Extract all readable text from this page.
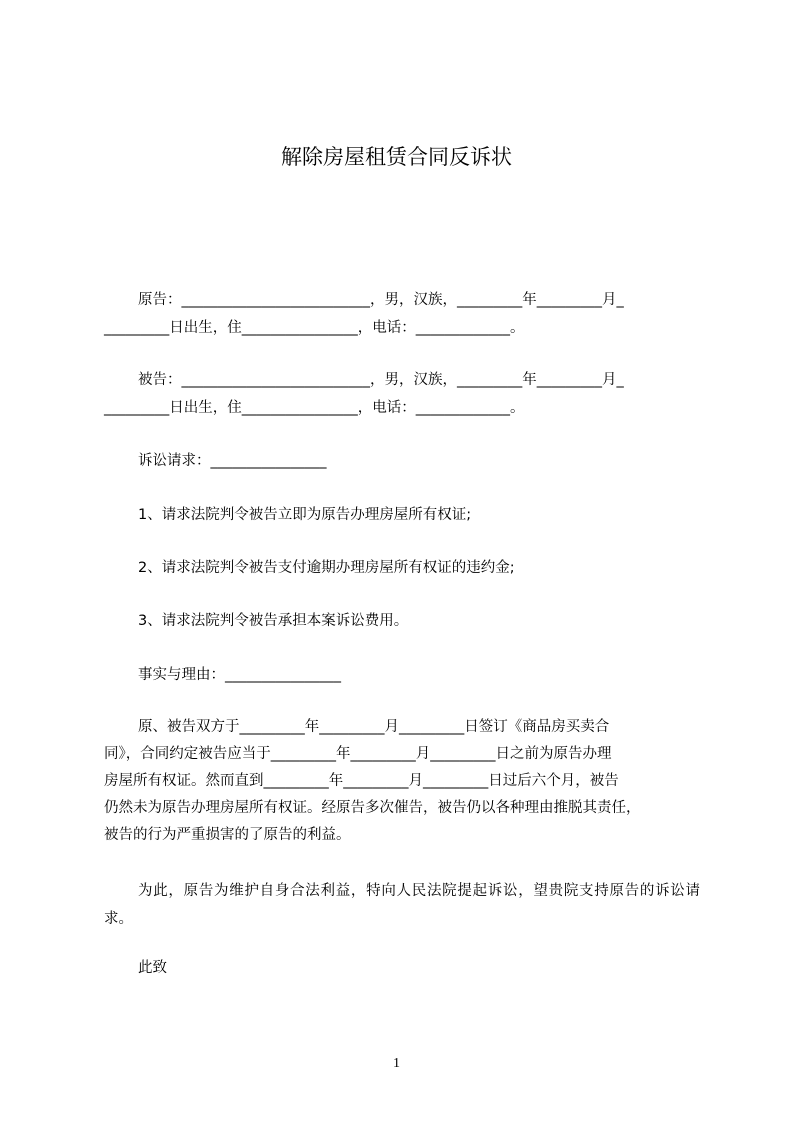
解除房屋租赁合同反诉状

原告：__________________________，男，汉族，_________年_________月_

_________日出生，住________________，电话：_____________。

被告：__________________________，男，汉族，_________年_________月_

_________日出生，住________________，电话：_____________。

诉讼请求：________________

1、请求法院判令被告立即为原告办理房屋所有权证;

2、请求法院判令被告支付逾期办理房屋所有权证的违约金;

3、请求法院判令被告承担本案诉讼费用。

事实与理由：________________

原、被告双方于_________年_________月_________日签订《商品房买卖合

同》，合同约定被告应当于_________年_________月_________日之前为原告办理

房屋所有权证。然而直到_________年_________月_________日过后六个月，被告

仍然未为原告办理房屋所有权证。经原告多次催告，被告仍以各种理由推脱其责任，

被告的行为严重损害的了原告的利益。

为此，原告为维护自身合法利益，特向人民法院提起诉讼，望贵院支持原告的诉讼请求。

此致

1
